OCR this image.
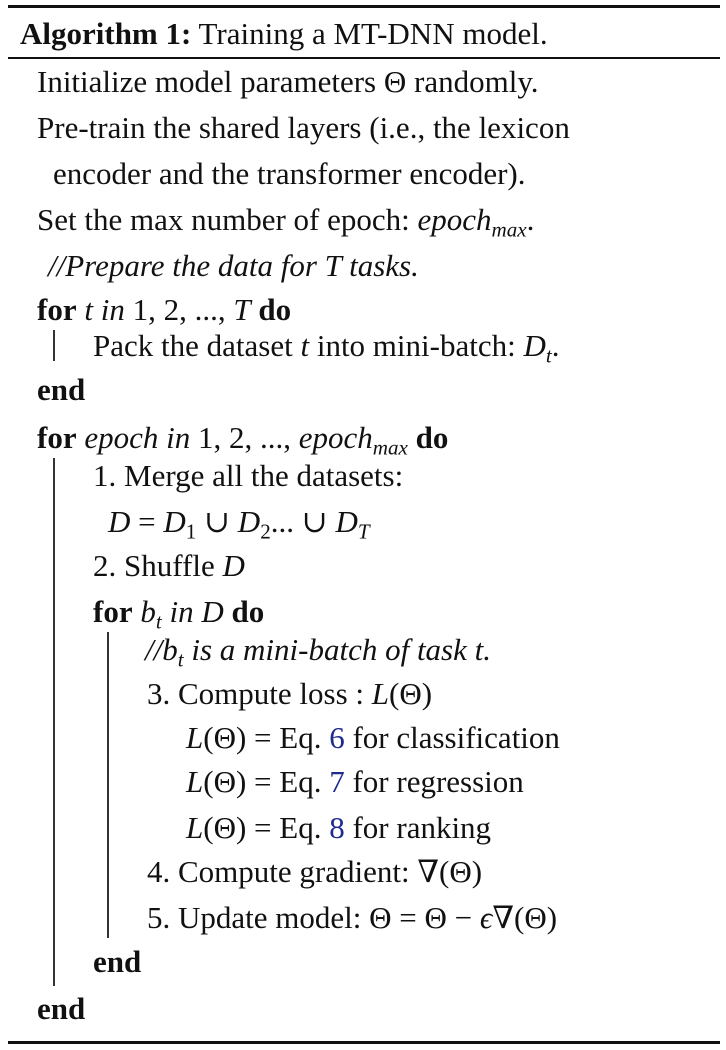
Algorithm 1: Training a MT-DNN model.
Initialize model parameters Θ randomly.
Pre-train the shared layers (i.e., the lexicon
encoder and the transformer encoder).
Set the max number of epoch: epoch$_{max}$.
//Prepare the data for T tasks.
for t in 1, 2, ..., T do
Pack the dataset t into mini-batch: $D_t$.
end
for epoch in 1, 2, ..., epoch$_{max}$ do
1. Merge all the datasets:
$D = D_1$ ∪ $D_2$... ∪ $D_T$
2. Shuffle D
for $b_t$ in D do
$//b_t$ is a mini-batch of task t.
3. Compute loss : L(Θ)
L(Θ) = Eq. 6 for classification
L(Θ) = Eq. 7 for regression
L(Θ) = Eq. 8 for ranking
4. Compute gradient: ∇(Θ)
5. Update model: Θ = Θ − ϵ∇(Θ)
end
end
